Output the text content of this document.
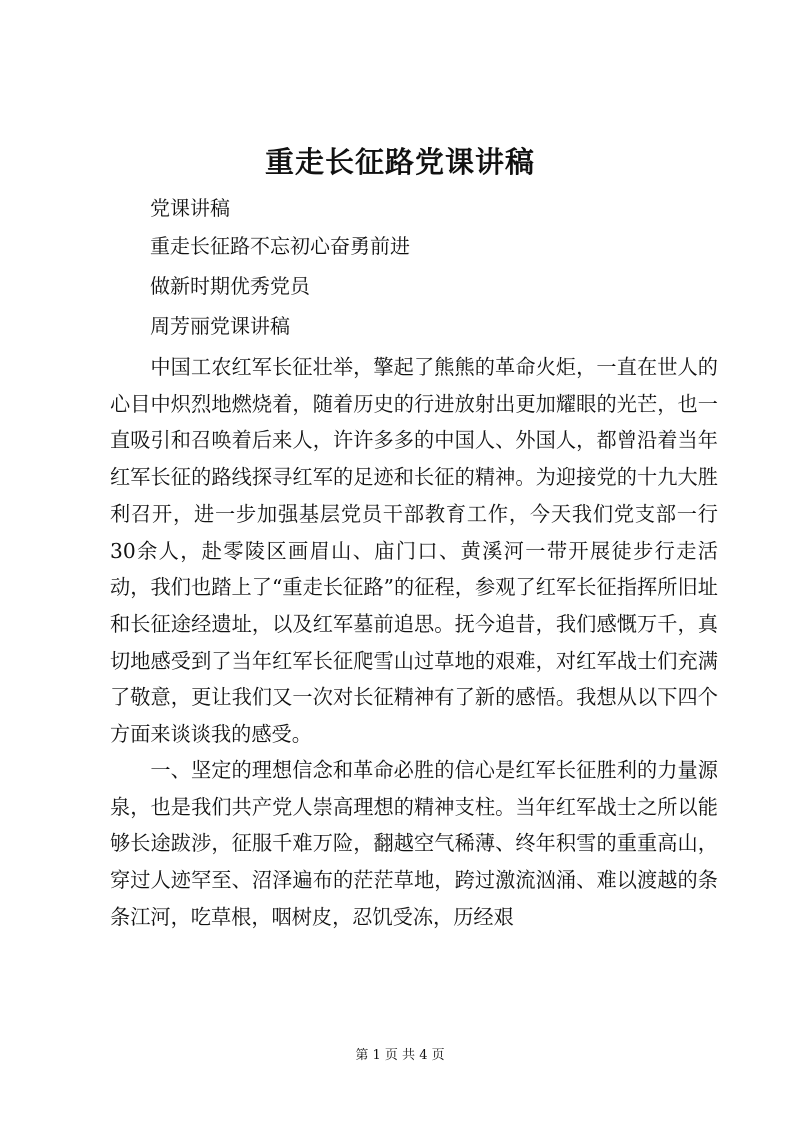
重走长征路党课讲稿

党课讲稿

重走长征路不忘初心奋勇前进

做新时期优秀党员

周芳丽党课讲稿

中国工农红军长征壮举，擎起了熊熊的革命火炬，一直在世人的心目中炽烈地燃烧着，随着历史的行进放射出更加耀眼的光芒，也一直吸引和召唤着后来人，许许多多的中国人、外国人，都曾沿着当年红军长征的路线探寻红军的足迹和长征的精神。为迎接党的十九大胜利召开，进一步加强基层党员干部教育工作，今天我们党支部一行30余人，赴零陵区画眉山、庙门口、黄溪河一带开展徒步行走活动，我们也踏上了“重走长征路”的征程，参观了红军长征指挥所旧址和长征途经遗址，以及红军墓前追思。抚今追昔，我们感慨万千，真切地感受到了当年红军长征爬雪山过草地的艰难，对红军战士们充满了敬意，更让我们又一次对长征精神有了新的感悟。我想从以下四个方面来谈谈我的感受。

一、坚定的理想信念和革命必胜的信心是红军长征胜利的力量源泉，也是我们共产党人崇高理想的精神支柱。当年红军战士之所以能够长途跋涉，征服千难万险，翻越空气稀薄、终年积雪的重重高山，穿过人迹罕至、沼泽遍布的茫茫草地，跨过激流汹涌、难以渡越的条条江河，吃草根，咽树皮，忍饥受冻，历经艰

第 1 页 共 4 页
